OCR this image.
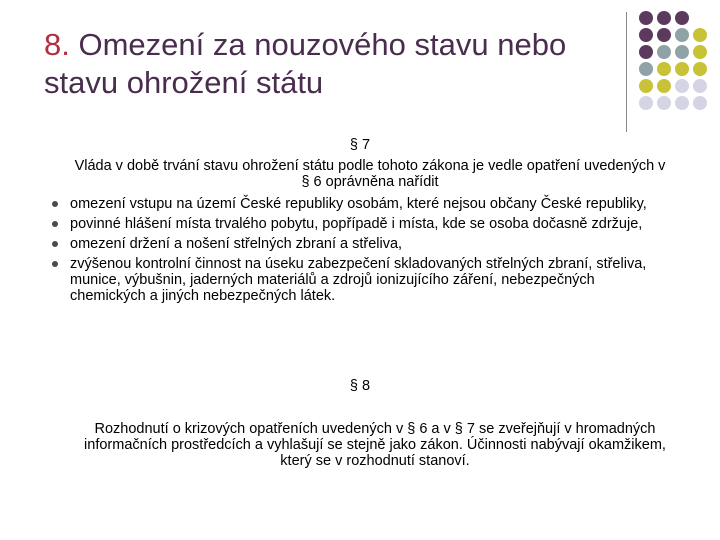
8. Omezení za nouzového stavu nebo stavu ohrožení státu
§ 7
Vláda v době trvání stavu ohrožení státu podle tohoto zákona je vedle opatření uvedených v § 6 oprávněna nařídit
omezení vstupu na území České republiky osobám, které nejsou občany České republiky,
povinné hlášení místa trvalého pobytu, popřípadě i místa, kde se osoba dočasně zdržuje,
omezení držení a nošení střelných zbraní a střeliva,
zvýšenou kontrolní činnost na úseku zabezpečení skladovaných střelných zbraní, střeliva, munice, výbušnin, jaderných materiálů a zdrojů ionizujícího záření, nebezpečných chemických a jiných nebezpečných látek.
§ 8
Rozhodnutí o krizových opatřeních uvedených v § 6 a v § 7 se zveřejňují v hromadných informačních prostředcích a vyhlašují se stejně jako zákon. Účinnosti nabývají okamžikem, který se v rozhodnutí stanoví.
